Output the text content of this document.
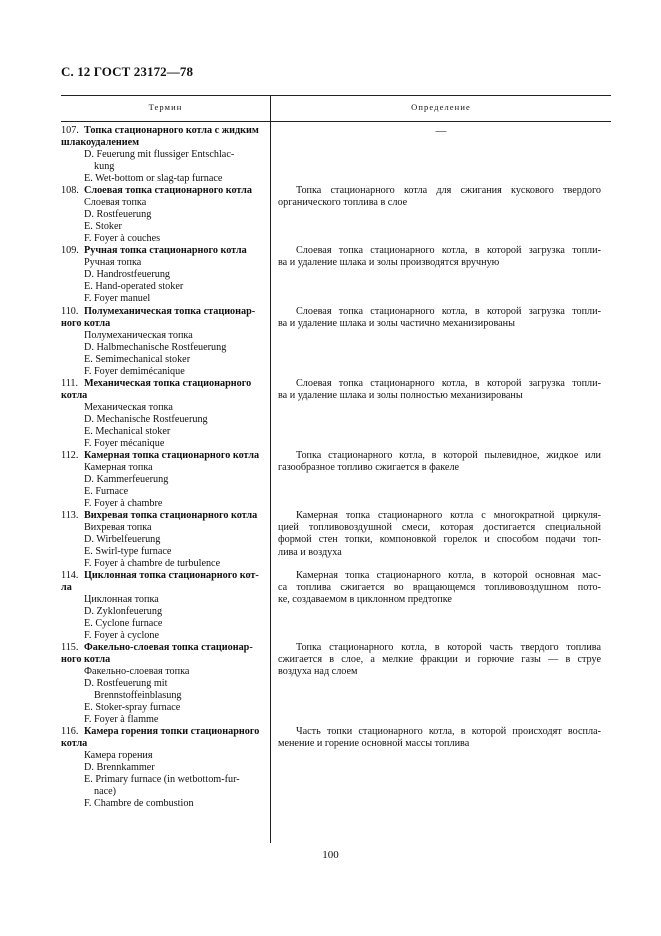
С. 12 ГОСТ 23172—78
Термин	Определение
107. Топка стационарного котла с жидким
шлакоудалением
D. Feuerung mit flussiger Entschlac-
kung
E. Wet-bottom or slag-tap furnace
—
108. Слоевая топка стационарного котла
Слоевая топка
D. Rostfeuerung
E. Stoker
F. Foyer à couches
Топка стационарного котла для сжигания кускового твердого
органического топлива в слое
109. Ручная топка стационарного котла
Ручная топка
D. Handrostfeuerung
E. Hand-operated stoker
F. Foyer manuel
Слоевая топка стационарного котла, в которой загрузка топли-
ва и удаление шлака и золы производятся вручную
110. Полумеханическая топка стационар-
ного котла
Полумеханическая топка
D. Halbmechanische Rostfeuerung
E. Semimechanical stoker
F. Foyer demimécanique
Слоевая топка стационарного котла, в которой загрузка топли-
ва и удаление шлака и золы частично механизированы
111. Механическая топка стационарного
котла
Механическая топка
D. Mechanische Rostfeuerung
E. Mechanical stoker
F. Foyer mécanique
Слоевая топка стационарного котла, в которой загрузка топли-
ва и удаление шлака и золы полностью механизированы
112. Камерная топка стационарного котла
Камерная топка
D. Kammerfeuerung
E. Furnace
F. Foyer à chambre
Топка стационарного котла, в которой пылевидное, жидкое или
газообразное топливо сжигается в факеле
113. Вихревая топка стационарного котла
Вихревая топка
D. Wirbelfeuerung
E. Swirl-type furnace
F. Foyer à chambre de turbulence
Камерная топка стационарного котла с многократной циркуля-
цией топливовоздушной смеси, которая достигается специальной
формой стен топки, компоновкой горелок и способом подачи топ-
лива и воздуха
114. Циклонная топка стационарного кот-
ла
Циклонная топка
D. Zyklonfeuerung
E. Cyclone furnace
F. Foyer à cyclone
Камерная топка стационарного котла, в которой основная мас-
са топлива сжигается во вращающемся топливовоздушном пото-
ке, создаваемом в циклонном предтопке
115. Факельно-слоевая топка стационар-
ного котла
Факельно-слоевая топка
D. Rostfeuerung mit
Brennstoffeinblasung
E. Stoker-spray furnace
F. Foyer à flamme
Топка стационарного котла, в которой часть твердого топлива
сжигается в слое, а мелкие фракции и горючие газы — в струе
воздуха над слоем
116. Камера горения топки стационарного
котла
Камера горения
D. Brennkammer
E. Primary furnace (in wetbottom-fur-
nace)
F. Chambre de combustion
Часть топки стационарного котла, в которой происходят воспла-
менение и горение основной массы топлива
100
